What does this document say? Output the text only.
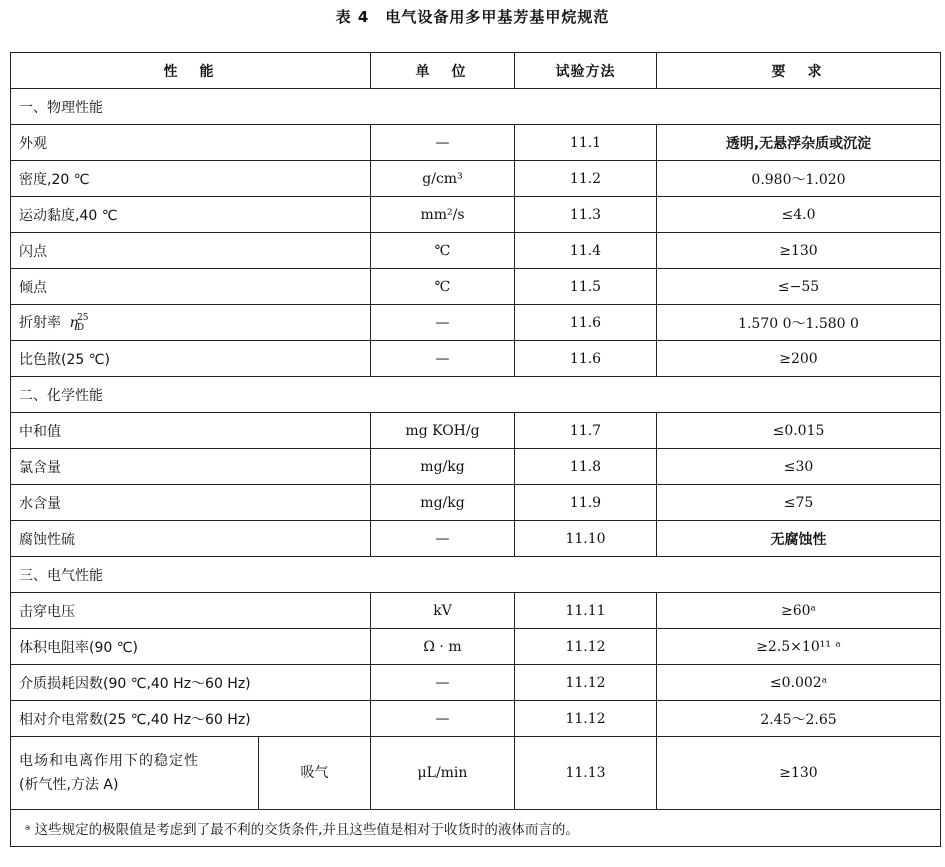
表 4　电气设备用多甲基芳基甲烷规范
性　能		单　位	试验方法	要　求
一、物理性能				
外观		—	11.1	透明,无悬浮杂质或沉淀
密度,20 ℃		g/cm³	11.2	0.980～1.020
运动黏度,40 ℃		mm²/s	11.3	≤4.0
闪点		℃	11.4	≥130
倾点		℃	11.5	≤−55
折射率 $\eta_D^{25}$		—	11.6	1.570 0～1.580 0
比色散(25 ℃)		—	11.6	≥200
二、化学性能				
中和值		mg KOH/g	11.7	≤0.015
氯含量		mg/kg	11.8	≤30
水含量		mg/kg	11.9	≤75
腐蚀性硫		—	11.10	无腐蚀性
三、电气性能				
击穿电压		kV	11.11	≥60ᵃ
体积电阻率(90 ℃)		Ω · m	11.12	≥2.5×10¹¹ ᵃ
介质损耗因数(90 ℃,40 Hz～60 Hz)		—	11.12	≤0.002ᵃ
相对介电常数(25 ℃,40 Hz～60 Hz)		—	11.12	2.45～2.65

电场和电离作用下的稳定性
(析气性,方法 A)	吸气	μL/min	11.13	≥130
ᵃ 这些规定的极限值是考虑到了最不利的交货条件,并且这些值是相对于收货时的液体而言的。				
